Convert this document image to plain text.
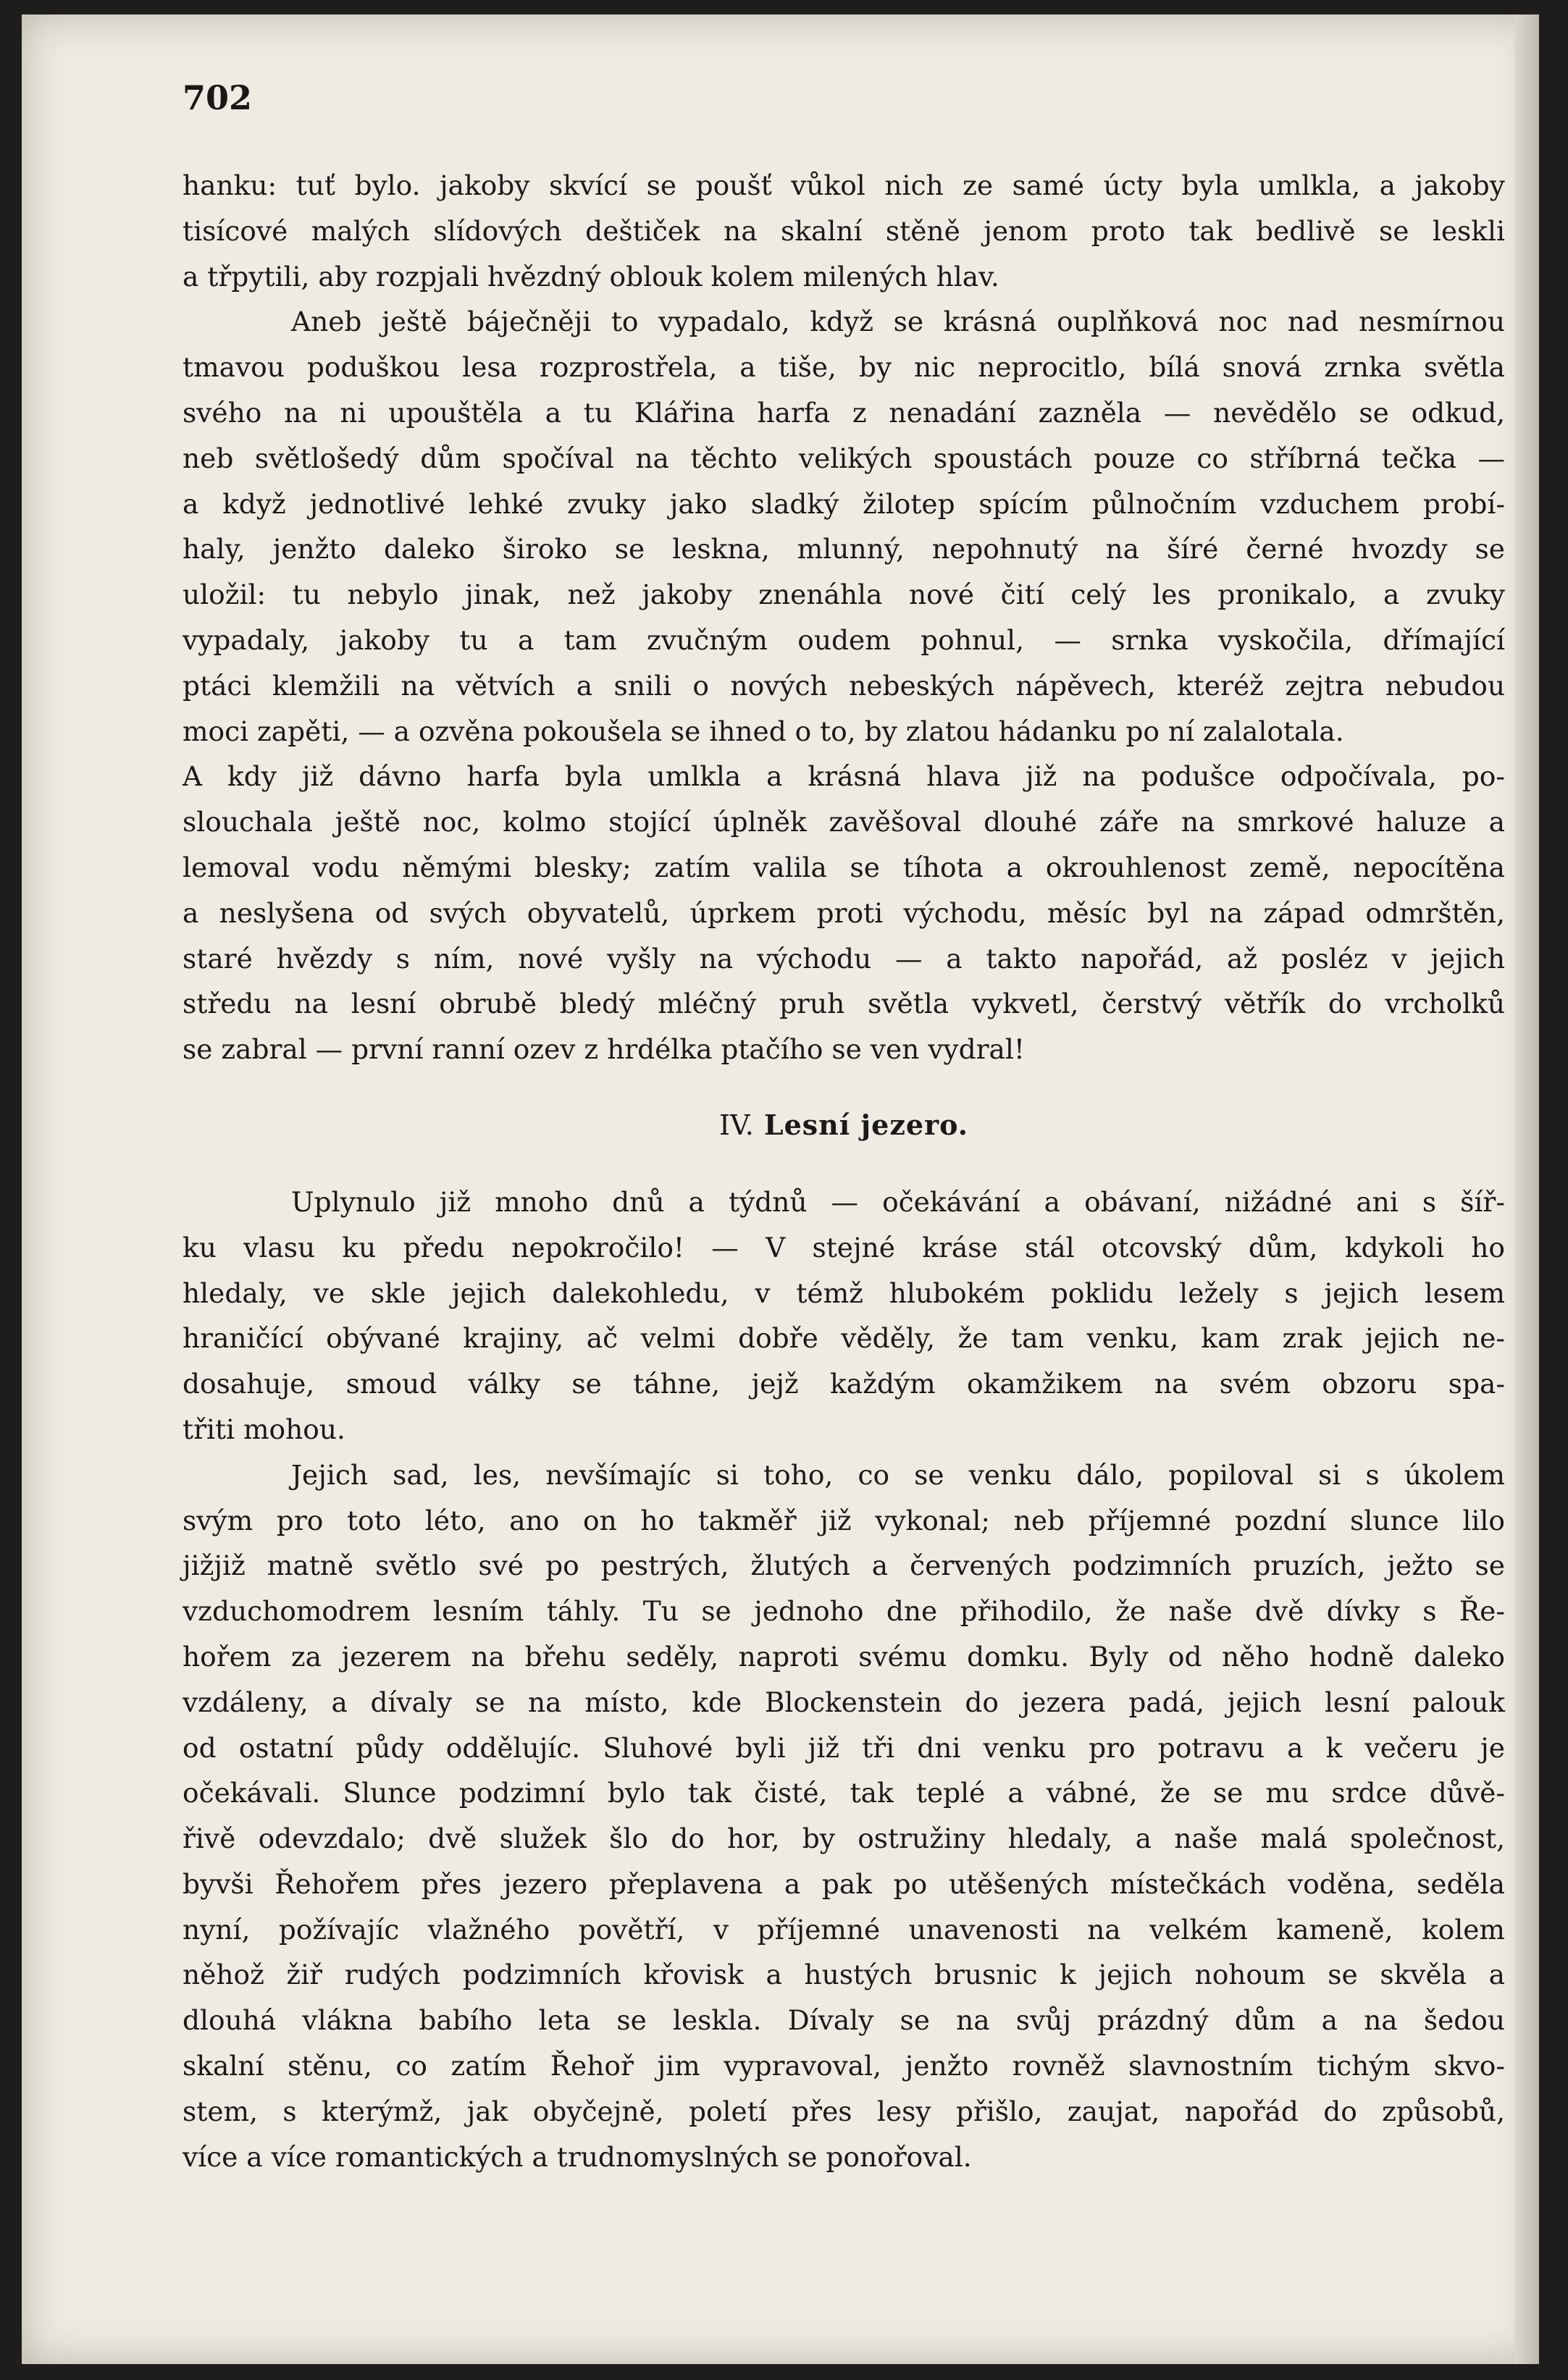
702

hanku: tuť bylo. jakoby skvící se poušť vůkol nich ze samé úcty byla umlkla, a jakoby
tisícové malých slídových deštiček na skalní stěně jenom proto tak bedlivě se leskli
a třpytili, aby rozpjali hvězdný oblouk kolem milených hlav.

Aneb ještě báječněji to vypadalo, když se krásná ouplňková noc nad nesmírnou
tmavou poduškou lesa rozprostřela, a tiše, by nic neprocitlo, bílá snová zrnka světla
svého na ni upouštěla a tu Klářina harfa z nenadání zazněla — nevědělo se odkud,
neb světlošedý dům spočíval na těchto velikých spoustách pouze co stříbrná tečka —
a když jednotlivé lehké zvuky jako sladký žilotep spícím půlnočním vzduchem probí-
haly, jenžto daleko široko se leskna, mlunný, nepohnutý na šíré černé hvozdy se
uložil: tu nebylo jinak, než jakoby znenáhla nové čití celý les pronikalo, a zvuky
vypadaly, jakoby tu a tam zvučným oudem pohnul, — srnka vyskočila, dřímající
ptáci klemžili na větvích a snili o nových nebeských nápěvech, kteréž zejtra nebudou
moci zapěti, — a ozvěna pokoušela se ihned o to, by zlatou hádanku po ní zalalotala.

A kdy již dávno harfa byla umlkla a krásná hlava již na podušce odpočívala, po-
slouchala ještě noc, kolmo stojící úplněk zavěšoval dlouhé záře na smrkové haluze a
lemoval vodu němými blesky; zatím valila se tíhota a okrouhlenost země, nepocítěna
a neslyšena od svých obyvatelů, úprkem proti východu, měsíc byl na západ odmrštěn,
staré hvězdy s ním, nové vyšly na východu — a takto napořád, až posléz v jejich
středu na lesní obrubě bledý mléčný pruh světla vykvetl, čerstvý větřík do vrcholků
se zabral — první ranní ozev z hrdélka ptačího se ven vydral!

IV. Lesní jezero.

Uplynulo již mnoho dnů a týdnů — očekávání a obávaní, nižádné ani s šíř-
ku vlasu ku předu nepokročilo! — V stejné kráse stál otcovský dům, kdykoli ho
hledaly, ve skle jejich dalekohledu, v témž hlubokém poklidu ležely s jejich lesem
hraničící obývané krajiny, ač velmi dobře věděly, že tam venku, kam zrak jejich ne-
dosahuje, smoud války se táhne, jejž každým okamžikem na svém obzoru spa-
třiti mohou.

Jejich sad, les, nevšímajíc si toho, co se venku dálo, popiloval si s úkolem
svým pro toto léto, ano on ho takměř již vykonal; neb příjemné pozdní slunce lilo
jižjiž matně světlo své po pestrých, žlutých a červených podzimních pruzích, ježto se
vzduchomodrem lesním táhly. Tu se jednoho dne přihodilo, že naše dvě dívky s Ře-
hořem za jezerem na břehu seděly, naproti svému domku. Byly od něho hodně daleko
vzdáleny, a dívaly se na místo, kde Blockenstein do jezera padá, jejich lesní palouk
od ostatní půdy oddělujíc. Sluhové byli již tři dni venku pro potravu a k večeru je
očekávali. Slunce podzimní bylo tak čisté, tak teplé a vábné, že se mu srdce důvě-
řivě odevzdalo; dvě služek šlo do hor, by ostružiny hledaly, a naše malá společnost,
byvši Řehořem přes jezero přeplavena a pak po utěšených místečkách voděna, seděla
nyní, požívajíc vlažného povětří, v příjemné unavenosti na velkém kameně, kolem
něhož žiř rudých podzimních křovisk a hustých brusnic k jejich nohoum se skvěla a
dlouhá vlákna babího leta se leskla. Dívaly se na svůj prázdný dům a na šedou
skalní stěnu, co zatím Řehoř jim vypravoval, jenžto rovněž slavnostním tichým skvo-
stem, s kterýmž, jak obyčejně, poletí přes lesy přišlo, zaujat, napořád do způsobů,
více a více romantických a trudnomyslných se ponořoval.
